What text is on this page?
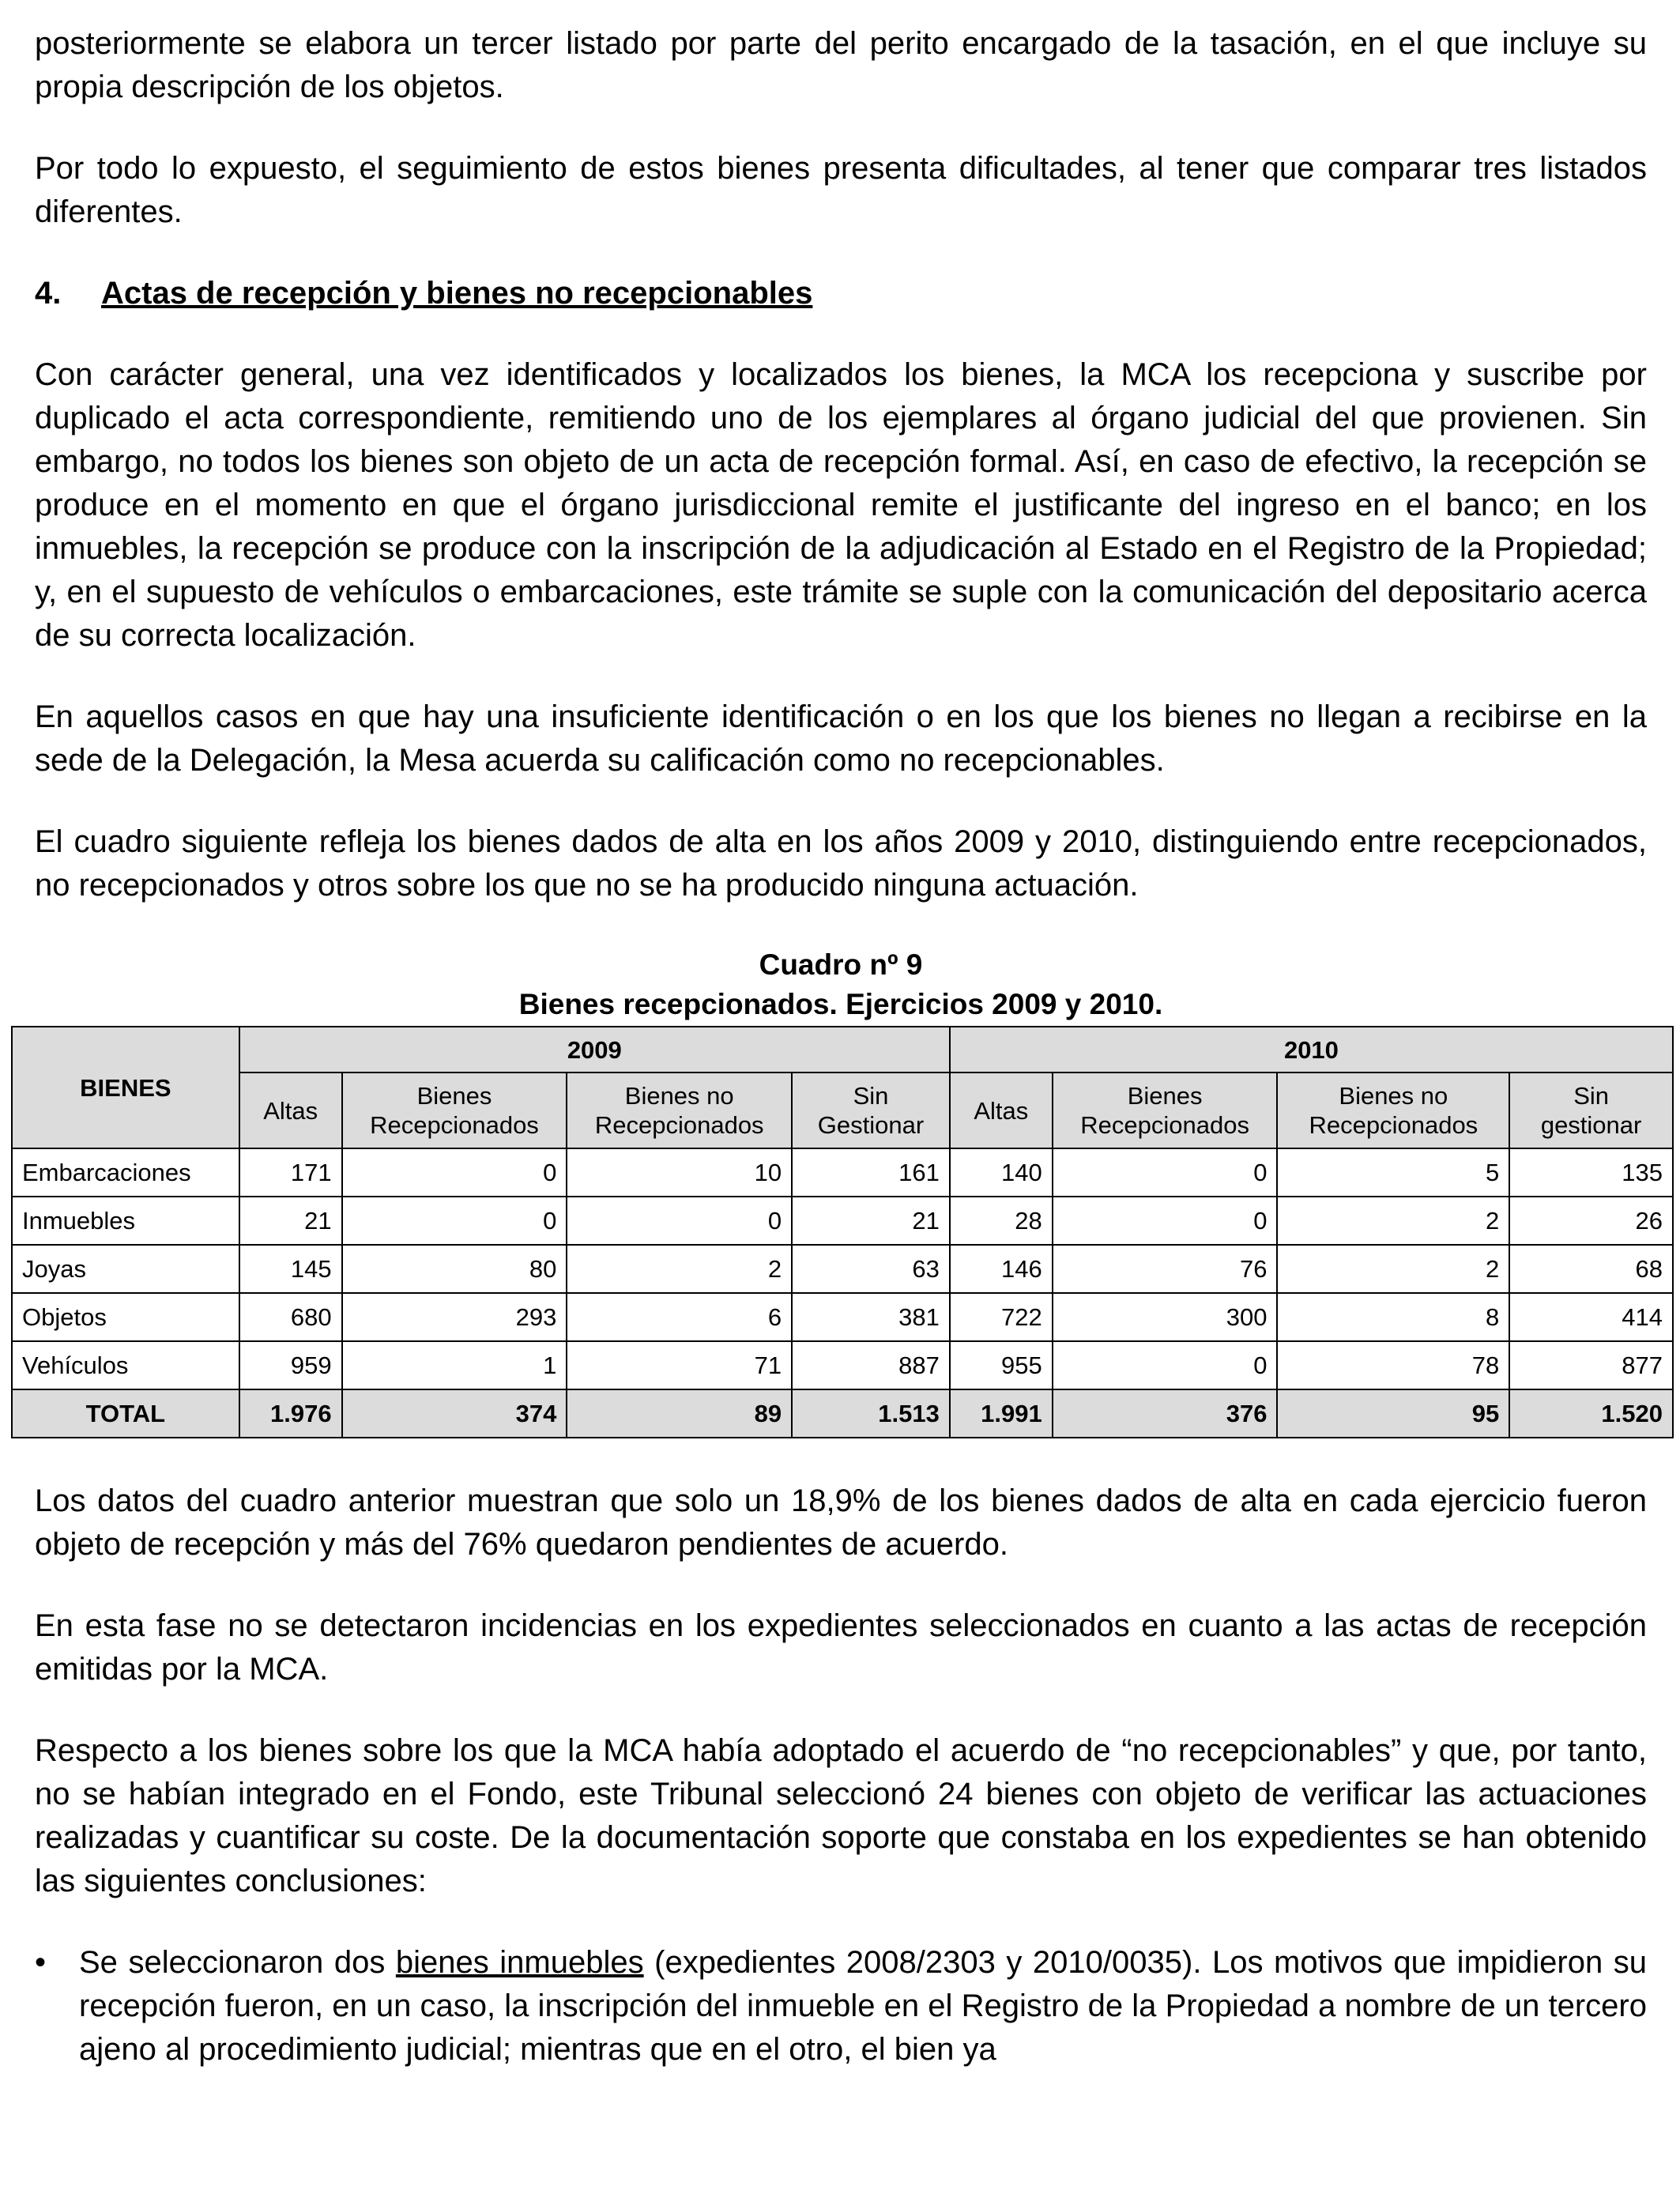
posteriormente se elabora un tercer listado por parte del perito encargado de la tasación, en el que incluye su propia descripción de los objetos.

Por todo lo expuesto, el seguimiento de estos bienes presenta dificultades, al tener que comparar tres listados diferentes.

4.	Actas de recepción y bienes no recepcionables

Con carácter general, una vez identificados y localizados los bienes, la MCA los recepciona y suscribe por duplicado el acta correspondiente, remitiendo uno de los ejemplares al órgano judicial del que provienen. Sin embargo, no todos los bienes son objeto de un acta de recepción formal. Así, en caso de efectivo, la recepción se produce en el momento en que el órgano jurisdiccional remite el justificante del ingreso en el banco; en los inmuebles, la recepción se produce con la inscripción de la adjudicación al Estado en el Registro de la Propiedad; y, en el supuesto de vehículos o embarcaciones, este trámite se suple con la comunicación del depositario acerca de su correcta localización.

En aquellos casos en que hay una insuficiente identificación o en los que los bienes no llegan a recibirse en la sede de la Delegación, la Mesa acuerda su calificación como no recepcionables.

El cuadro siguiente refleja los bienes dados de alta en los años 2009 y 2010, distinguiendo entre recepcionados, no recepcionados y otros sobre los que no se ha producido ninguna actuación.

Cuadro nº 9

Bienes recepcionados. Ejercicios 2009 y 2010.

BIENES	2009				2010			
	Altas	Bienes Recepcionados	Bienes no Recepcionados	Sin Gestionar	Altas	Bienes Recepcionados	Bienes no Recepcionados	Sin gestionar
Embarcaciones	171	0	10	161	140	0	5	135
Inmuebles	21	0	0	21	28	0	2	26
Joyas	145	80	2	63	146	76	2	68
Objetos	680	293	6	381	722	300	8	414
Vehículos	959	1	71	887	955	0	78	877
TOTAL	1.976	374	89	1.513	1.991	376	95	1.520

Los datos del cuadro anterior muestran que solo un 18,9% de los bienes dados de alta en cada ejercicio fueron objeto de recepción y más del 76% quedaron pendientes de acuerdo.

En esta fase no se detectaron incidencias en los expedientes seleccionados en cuanto a las actas de recepción emitidas por la MCA.

Respecto a los bienes sobre los que la MCA había adoptado el acuerdo de “no recepcionables” y que, por tanto, no se habían integrado en el Fondo, este Tribunal seleccionó 24 bienes con objeto de verificar las actuaciones realizadas y cuantificar su coste. De la documentación soporte que constaba en los expedientes se han obtenido las siguientes conclusiones:

•	Se seleccionaron dos bienes inmuebles (expedientes 2008/2303 y 2010/0035). Los motivos que impidieron su recepción fueron, en un caso, la inscripción del inmueble en el Registro de la Propiedad a nombre de un tercero ajeno al procedimiento judicial; mientras que en el otro, el bien ya
